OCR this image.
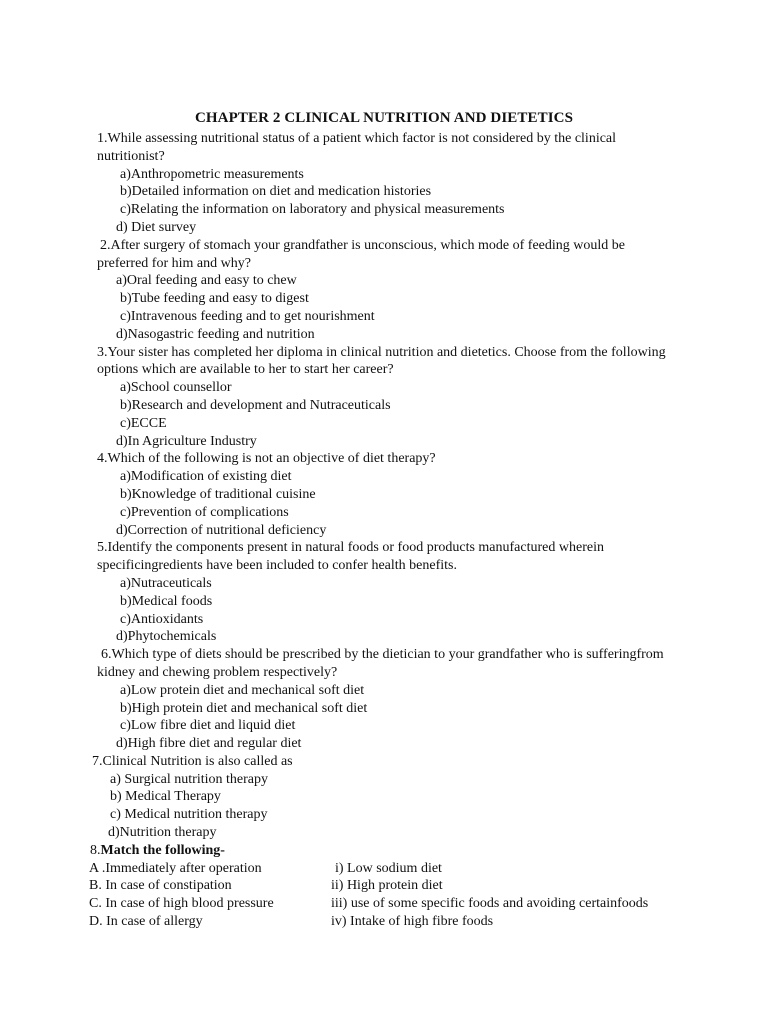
CHAPTER 2 CLINICAL NUTRITION AND DIETETICS
1.While assessing nutritional status of a patient which factor is not considered by the clinical nutritionist?
a)Anthropometric measurements
b)Detailed information on diet and medication histories
c)Relating the information on laboratory and physical measurements
d) Diet survey
2.After surgery of stomach your grandfather is unconscious, which mode of feeding would be preferred for him and why?
a)Oral feeding and easy to chew
b)Tube feeding and easy to digest
c)Intravenous feeding and to get nourishment
d)Nasogastric feeding and nutrition
3.Your sister has completed her diploma in clinical nutrition and dietetics. Choose from the following options which are available to her to start her career?
a)School counsellor
b)Research and development and Nutraceuticals
c)ECCE
d)In Agriculture Industry
4.Which of the following is not an objective of diet therapy?
a)Modification of existing diet
b)Knowledge of traditional cuisine
c)Prevention of complications
d)Correction of nutritional deficiency
5.Identify the components present in natural foods or food products manufactured wherein specificingredients have been included to confer health benefits.
a)Nutraceuticals
b)Medical foods
c)Antioxidants
d)Phytochemicals
6.Which type of diets should be prescribed by the dietician to your grandfather who is sufferingfrom kidney and chewing problem respectively?
a)Low protein diet and mechanical soft diet
b)High protein diet and mechanical soft diet
c)Low fibre diet and liquid diet
d)High fibre diet and regular diet
7.Clinical Nutrition is also called as
a) Surgical nutrition therapy
b) Medical Therapy
c) Medical nutrition therapy
d)Nutrition therapy
8.Match the following-
A .Immediately after operation	i) Low sodium diet
B. In case of constipation	ii) High protein diet
C. In case of high blood pressure	iii) use of some specific foods and avoiding certainfoods
D. In case of allergy	iv) Intake of high fibre foods
